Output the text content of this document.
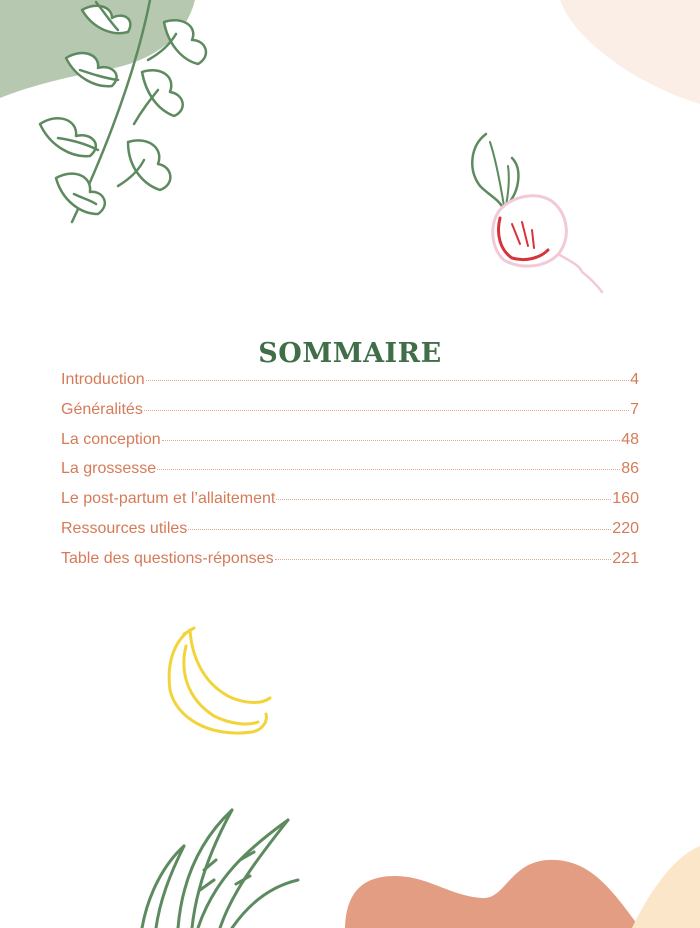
SOMMAIRE
Introduction	4
Généralités	7
La conception	48
La grossesse	86
Le post-partum et l’allaitement	160
Ressources utiles	220
Table des questions-réponses	221
